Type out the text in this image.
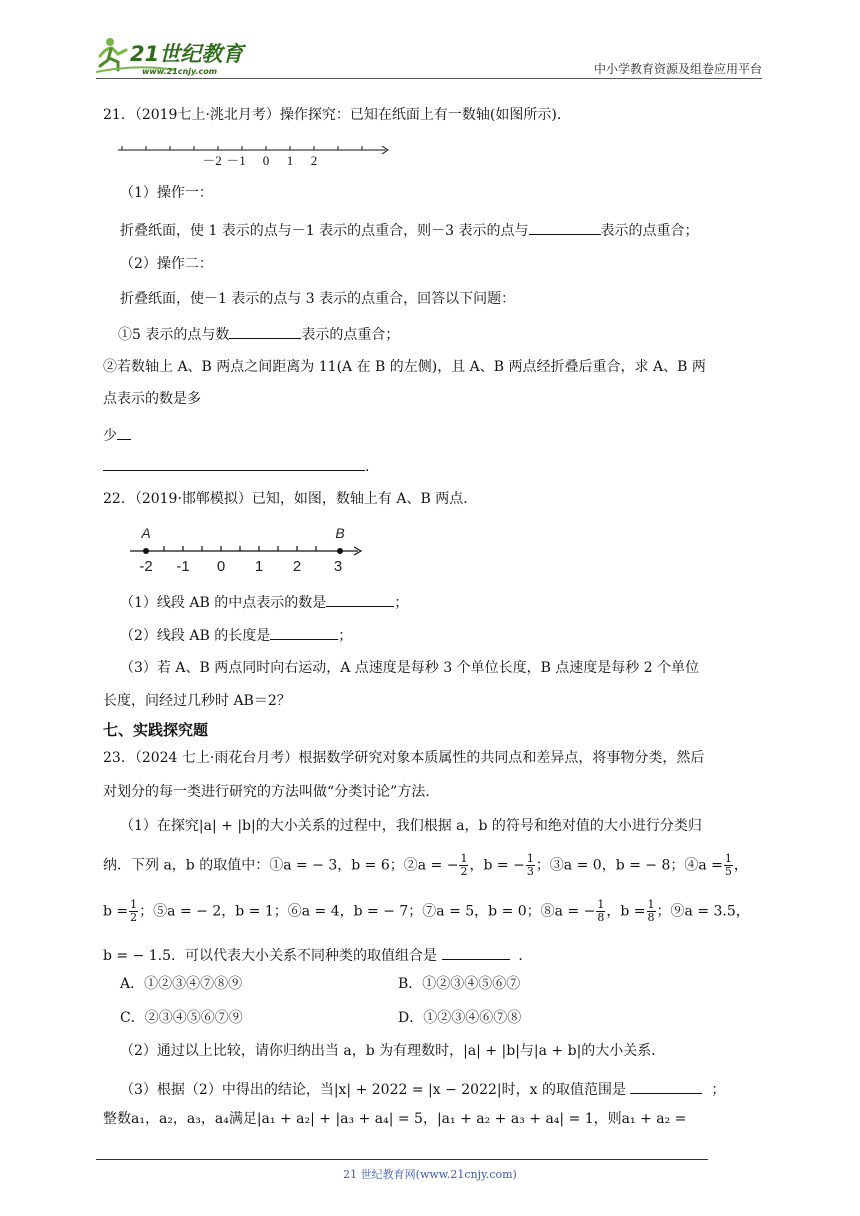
21世纪教育
www.21cnjy.com	中小学教育资源及组卷应用平台
21．（2019七上·洮北月考）操作探究：已知在纸面上有一数轴(如图所示)．
－2 －1 0 1 2
（1）操作一：
折叠纸面，使 1 表示的点与－1 表示的点重合，则－3 表示的点与	表示的点重合；
（2）操作二：
折叠纸面，使－1 表示的点与 3 表示的点重合，回答以下问题：
①5 表示的点与数	表示的点重合；
②若数轴上 A、B 两点之间距离为 11(A 在 B 的左侧)，且 A、B 两点经折叠后重合，求 A、B 两
点表示的数是多
少
.
22．（2019·邯郸模拟）已知，如图，数轴上有 A、B 两点．
A	B
-2 -1 0 1 2 3
（1）线段 AB 的中点表示的数是	；
（2）线段 AB 的长度是	；
（3）若 A、B 两点同时向右运动，A 点速度是每秒 3 个单位长度，B 点速度是每秒 2 个单位
长度，问经过几秒时 AB＝2？
七、实践探究题
23．（2024 七上·雨花台月考）根据数学研究对象本质属性的共同点和差异点，将事物分类，然后
对划分的每一类进行研究的方法叫做“分类讨论”方法．
（1）在探究|a| + |b|的大小关系的过程中，我们根据 a，b 的符号和绝对值的大小进行分类归
纳．下列 a，b 的取值中：①a = − 3，b = 6；②a = − $\frac{1}{2}$ ，b = − $\frac{1}{3}$ ；③a = 0，b = − 8；④a = $\frac{1}{5}$ ，
$b = \frac{1}{2}$ ；⑤a = − 2，b = 1；⑥a = 4，b = − 7；⑦a = 5，b = 0；⑧a = − $\frac{1}{8}$ ，$b = \frac{1}{8}$ ；⑨a = 3.5，
b = − 1.5．可以代表大小关系不同种类的取值组合是	．
A．①②③④⑦⑧⑨	B．①②③④⑤⑥⑦
C．②③④⑤⑥⑦⑨	D．①②③④⑥⑦⑧
（2）通过以上比较，请你归纳出当 a，b 为有理数时，|a| + |b|与|a + b|的大小关系．
（3）根据（2）中得出的结论，当|x| + 2022 = |x − 2022|时，x 的取值范围是	；
整数a₁，a₂，a₃，a₄满足|a₁ + a₂| + |a₃ + a₄| = 5，|a₁ + a₂ + a₃ + a₄| = 1，则a₁ + a₂ =
21 世纪教育网(www.21cnjy.com)
